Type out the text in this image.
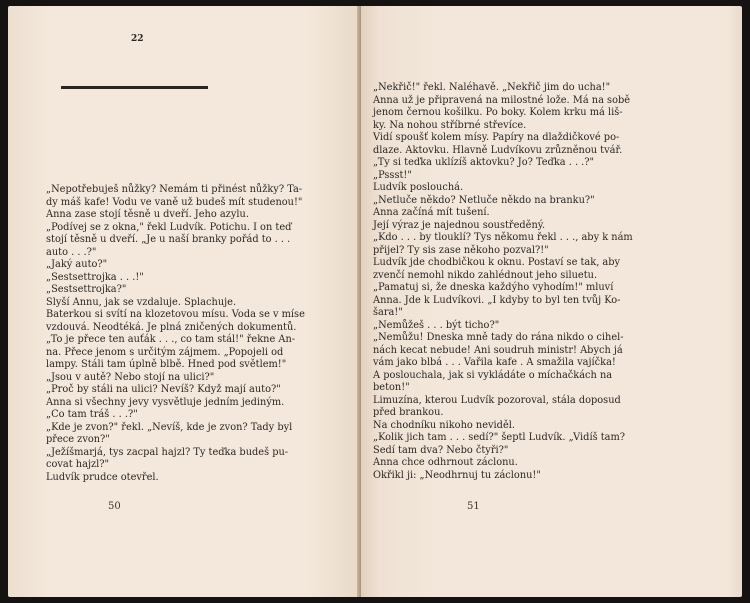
22
„Nepotřebuješ nůžky? Nemám ti přinést nůžky? Ta-
dy máš kafe! Vodu ve vaně už budeš mít studenou!"
Anna zase stojí těsně u dveří. Jeho azylu.
„Podívej se z okna," řekl Ludvík. Potichu. I on teď
stojí těsně u dveří. „Je u naší branky pořád to . . .
auto . . .?"
„Jaký auto?"
„Sestsettrojka . . .!"
„Sestsettrojka?"
Slyší Annu, jak se vzdaluje. Splachuje.
Baterkou si svítí na klozetovou mísu. Voda se v míse
vzdouvá. Neodtéká. Je plná zničených dokumentů.
„To je přece ten auťák . . ., co tam stál!" řekne An-
na. Přece jenom s určitým zájmem. „Popojeli od
lampy. Stáli tam úplně blbě. Hned pod světlem!"
„Jsou v autě? Nebo stojí na ulici?"
„Proč by stáli na ulici? Nevíš? Když mají auto?"
Anna si všechny jevy vysvětluje jedním jediným.
„Co tam tráš . . .?"
„Kde je zvon?" řekl. „Nevíš, kde je zvon? Tady byl
přece zvon?"
„Ježíšmarjá, tys zacpal hajzl? Ty teďka budeš pu-
covat hajzl?"
Ludvík prudce otevřel.
50
„Nekřič!" řekl. Naléhavě. „Nekřič jim do ucha!"
Anna už je připravená na milostné lože. Má na sobě
jenom černou košilku. Po boky. Kolem krku má liš-
ky. Na nohou stříbrné střevíce.
Vidí spoušť kolem mísy. Papíry na dlaždičkové po-
dlaze. Aktovku. Hlavně Ludvíkovu zrůzněnou tvář.
„Ty si teďka uklízíš aktovku? Jo? Teďka . . .?"
„Pssst!"
Ludvík poslouchá.
„Netluče někdo? Netluče někdo na branku?"
Anna začíná mít tušení.
Její výraz je najednou soustředěný.
„Kdo . . . by tlouklí? Tys někomu řekl . . ., aby k nám
přijel? Ty sis zase někoho pozval?!"
Ludvík jde chodbičkou k oknu. Postaví se tak, aby
zvenčí nemohl nikdo zahlédnout jeho siluetu.
„Pamatuj si, že dneska každýho vyhodím!" mluví
Anna. Jde k Ludvíkovi. „I kdyby to byl ten tvůj Ko-
šara!"
„Nemůžeš . . . být ticho?"
„Nemůžu! Dneska mně tady do rána nikdo o cihel-
nách kecat nebude! Ani soudruh ministr! Abych já
vám jako blbá . . . Vařila kafe . A smažila vajíčka!
A poslouchala, jak si vykládáte o míchačkách na
beton!"
Limuzína, kterou Ludvík pozoroval, stála doposud
před brankou.
Na chodníku nikoho neviděl.
„Kolik jich tam . . . sedí?" šeptl Ludvík. „Vidíš tam?
Sedí tam dva? Nebo čtyři?"
Anna chce odhrnout záclonu.
Okřikl ji: „Neodhrnuj tu záclonu!"
51
